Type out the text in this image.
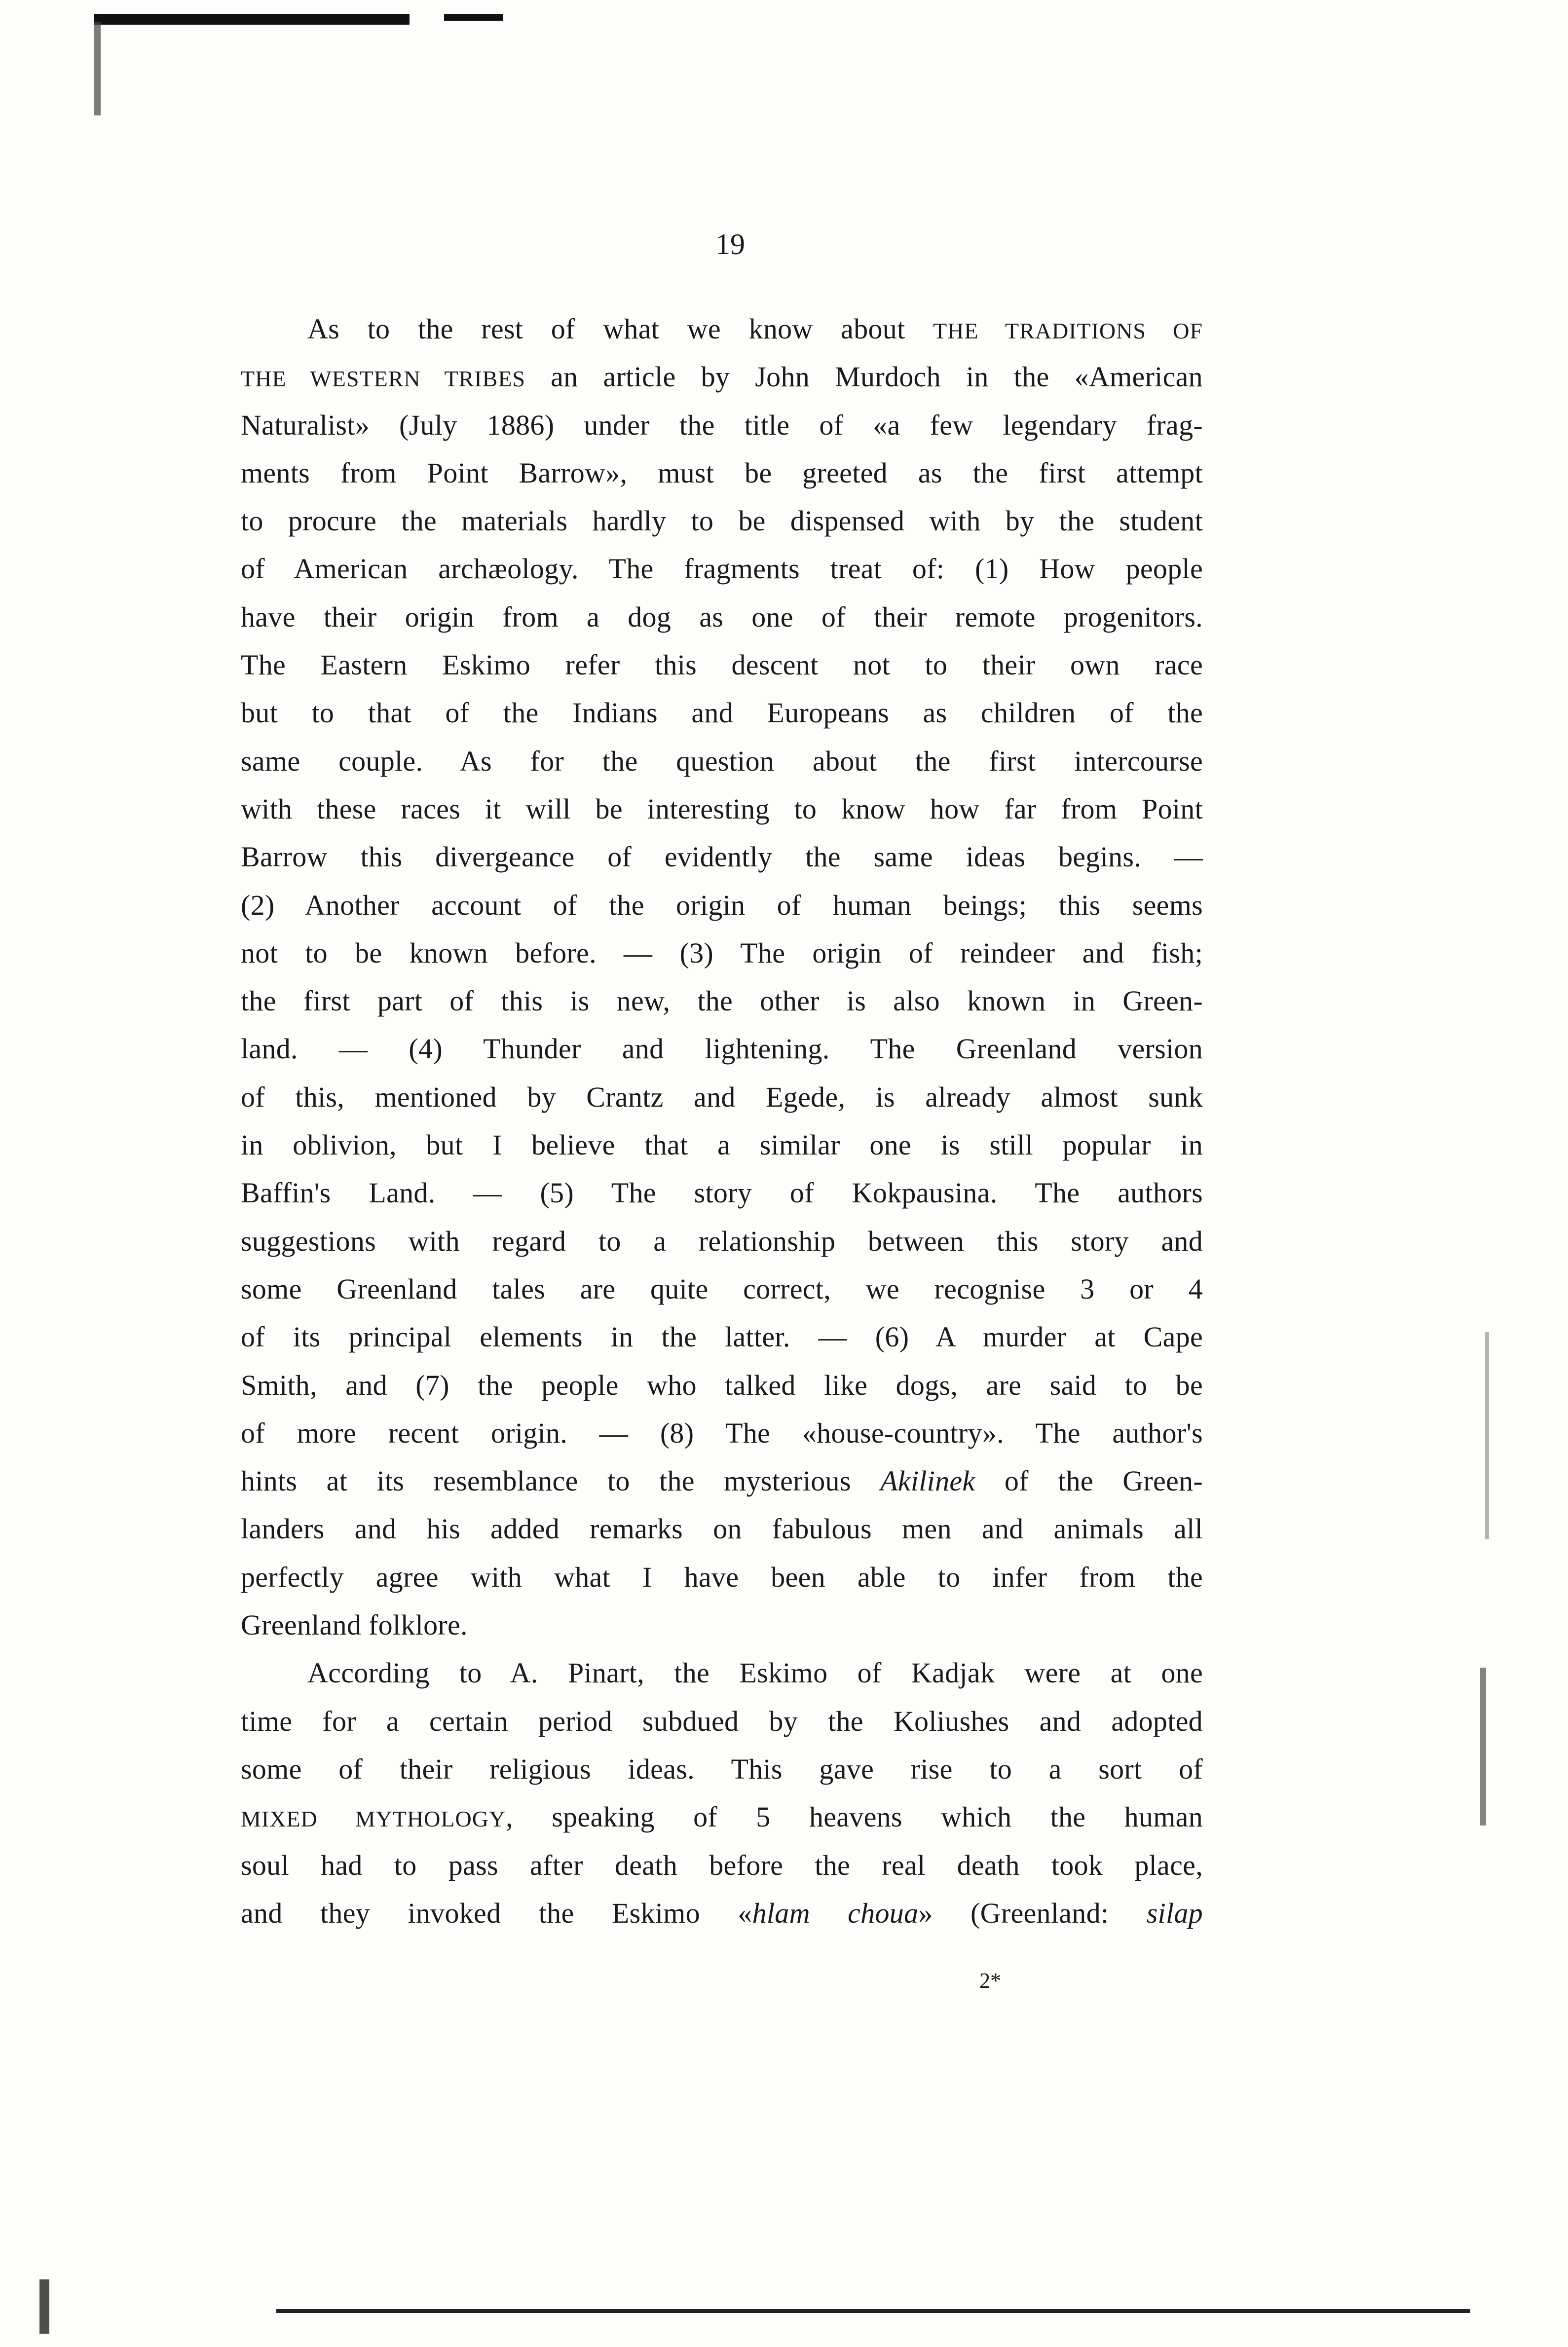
19
As to the rest of what we know about THE TRADITIONS OF
THE WESTERN TRIBES an article by John Murdoch in the «American
Naturalist» (July 1886) under the title of «a few legendary frag-
ments from Point Barrow», must be greeted as the first attempt
to procure the materials hardly to be dispensed with by the student
of American archæology. The fragments treat of: (1) How people
have their origin from a dog as one of their remote progenitors.
The Eastern Eskimo refer this descent not to their own race
but to that of the Indians and Europeans as children of the
same couple. As for the question about the first intercourse
with these races it will be interesting to know how far from Point
Barrow this divergeance of evidently the same ideas begins. —
(2) Another account of the origin of human beings; this seems
not to be known before. — (3) The origin of reindeer and fish;
the first part of this is new, the other is also known in Green-
land. — (4) Thunder and lightening. The Greenland version
of this, mentioned by Crantz and Egede, is already almost sunk
in oblivion, but I believe that a similar one is still popular in
Baffin's Land. — (5) The story of Kokpausina. The authors
suggestions with regard to a relationship between this story and
some Greenland tales are quite correct, we recognise 3 or 4
of its principal elements in the latter. — (6) A murder at Cape
Smith, and (7) the people who talked like dogs, are said to be
of more recent origin. — (8) The «house-country». The author's
hints at its resemblance to the mysterious Akilinek of the Green-
landers and his added remarks on fabulous men and animals all
perfectly agree with what I have been able to infer from the
Greenland folklore.
According to A. Pinart, the Eskimo of Kadjak were at one
time for a certain period subdued by the Koliushes and adopted
some of their religious ideas. This gave rise to a sort of
MIXED MYTHOLOGY, speaking of 5 heavens which the human
soul had to pass after death before the real death took place,
and they invoked the Eskimo «hlam choua» (Greenland: silap
2*
